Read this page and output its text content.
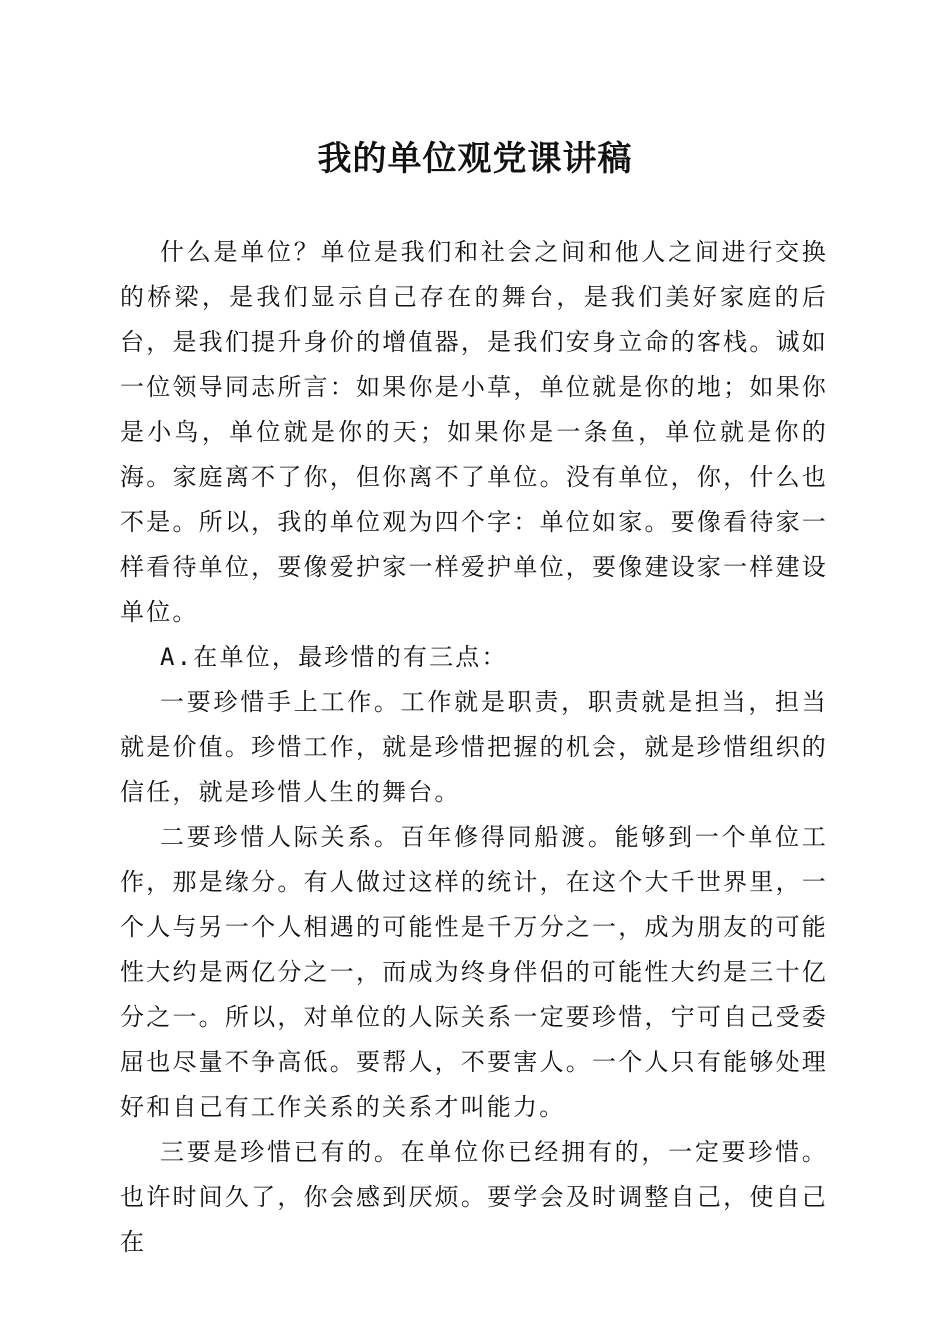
我的单位观党课讲稿

什么是单位？单位是我们和社会之间和他人之间进行交换的桥梁，是我们显示自己存在的舞台，是我们美好家庭的后台，是我们提升身价的增值器，是我们安身立命的客栈。诚如一位领导同志所言：如果你是小草，单位就是你的地；如果你是小鸟，单位就是你的天；如果你是一条鱼，单位就是你的海。家庭离不了你，但你离不了单位。没有单位，你，什么也不是。所以，我的单位观为四个字：单位如家。要像看待家一样看待单位，要像爱护家一样爱护单位，要像建设家一样建设单位。

A.在单位，最珍惜的有三点：

一要珍惜手上工作。工作就是职责，职责就是担当，担当就是价值。珍惜工作，就是珍惜把握的机会，就是珍惜组织的信任，就是珍惜人生的舞台。

二要珍惜人际关系。百年修得同船渡。能够到一个单位工作，那是缘分。有人做过这样的统计，在这个大千世界里，一个人与另一个人相遇的可能性是千万分之一，成为朋友的可能性大约是两亿分之一，而成为终身伴侣的可能性大约是三十亿分之一。所以，对单位的人际关系一定要珍惜，宁可自己受委屈也尽量不争高低。要帮人，不要害人。一个人只有能够处理好和自己有工作关系的关系才叫能力。

三要是珍惜已有的。在单位你已经拥有的，一定要珍惜。也许时间久了，你会感到厌烦。要学会及时调整自己，使自己在
